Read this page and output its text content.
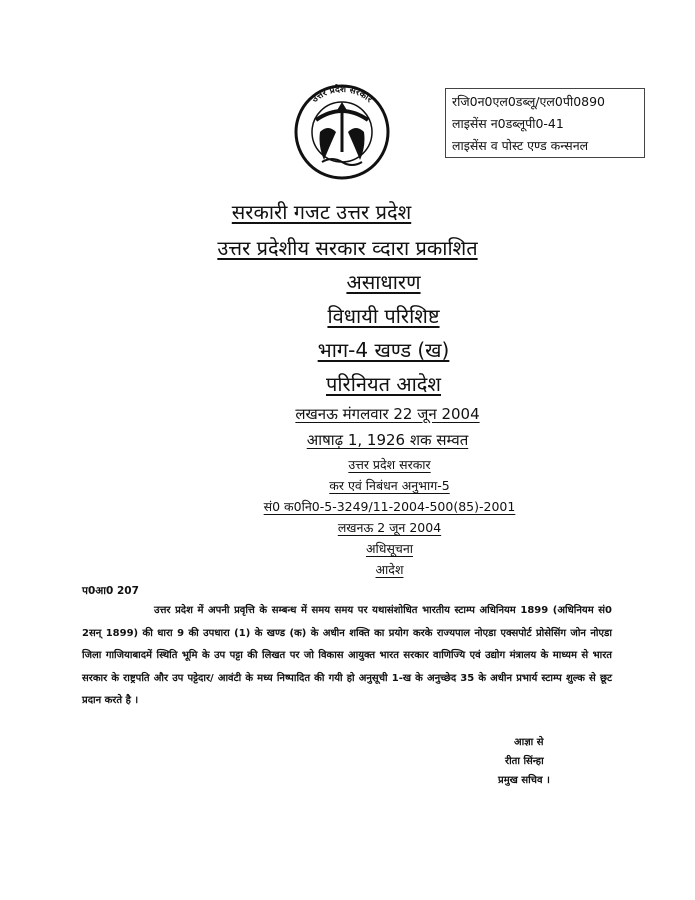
उत्तर प्रदेश सरकार	रजि0न0एल0डब्लू/एल0पी0890
लाइसेंस न0डब्लूपी0-41
लाइसेंस व पोस्ट एण्ड कन्सनल
सरकारी गजट उत्तर प्रदेश
उत्तर प्रदेशीय सरकार व्दारा प्रकाशित
असाधारण
विधायी परिशिष्ट
भाग-4 खण्ड (ख)
परिनियत आदेश
लखनऊ मंगलवार 22 जून 2004
आषाढ़ 1, 1926 शक सम्वत
उत्तर प्रदेश सरकार
कर एवं निबंधन अनुभाग-5
सं0 क0नि0-5-3249/11-2004-500(85)-2001
लखनऊ 2 जून 2004
अधिसूचना
आदेश
प0आ0 207
उत्तर प्रदेश में अपनी प्रवृत्ति के सम्बन्ध में समय समय पर यथासंशोधित भारतीय स्टाम्प अधिनियम 1899 (अधिनियम सं0 2सन् 1899) की धारा 9 की उपधारा (1) के खण्ड (क) के अधीन शक्ति का प्रयोग करके राज्यपाल नोएडा एक्सपोर्ट प्रोसेसिंग जोन नोएडा जिला गाजियाबादमें स्थिति भूमि के उप पट्टा की लिखत पर जो विकास आयुक्त भारत सरकार वाणिज्यि एवं उद्योग मंत्रालय के माध्यम से भारत सरकार के राष्ट्रपति और उप पट्टेदार/ आवंटी के मध्य निष्पादित की गयी हो अनुसूची 1-ख के अनुच्छेद 35 के अधीन प्रभार्य स्टाम्प शुल्क से छूट प्रदान करते है ।
आज्ञा से
रीता सिंन्हा
प्रमुख सचिव ।
